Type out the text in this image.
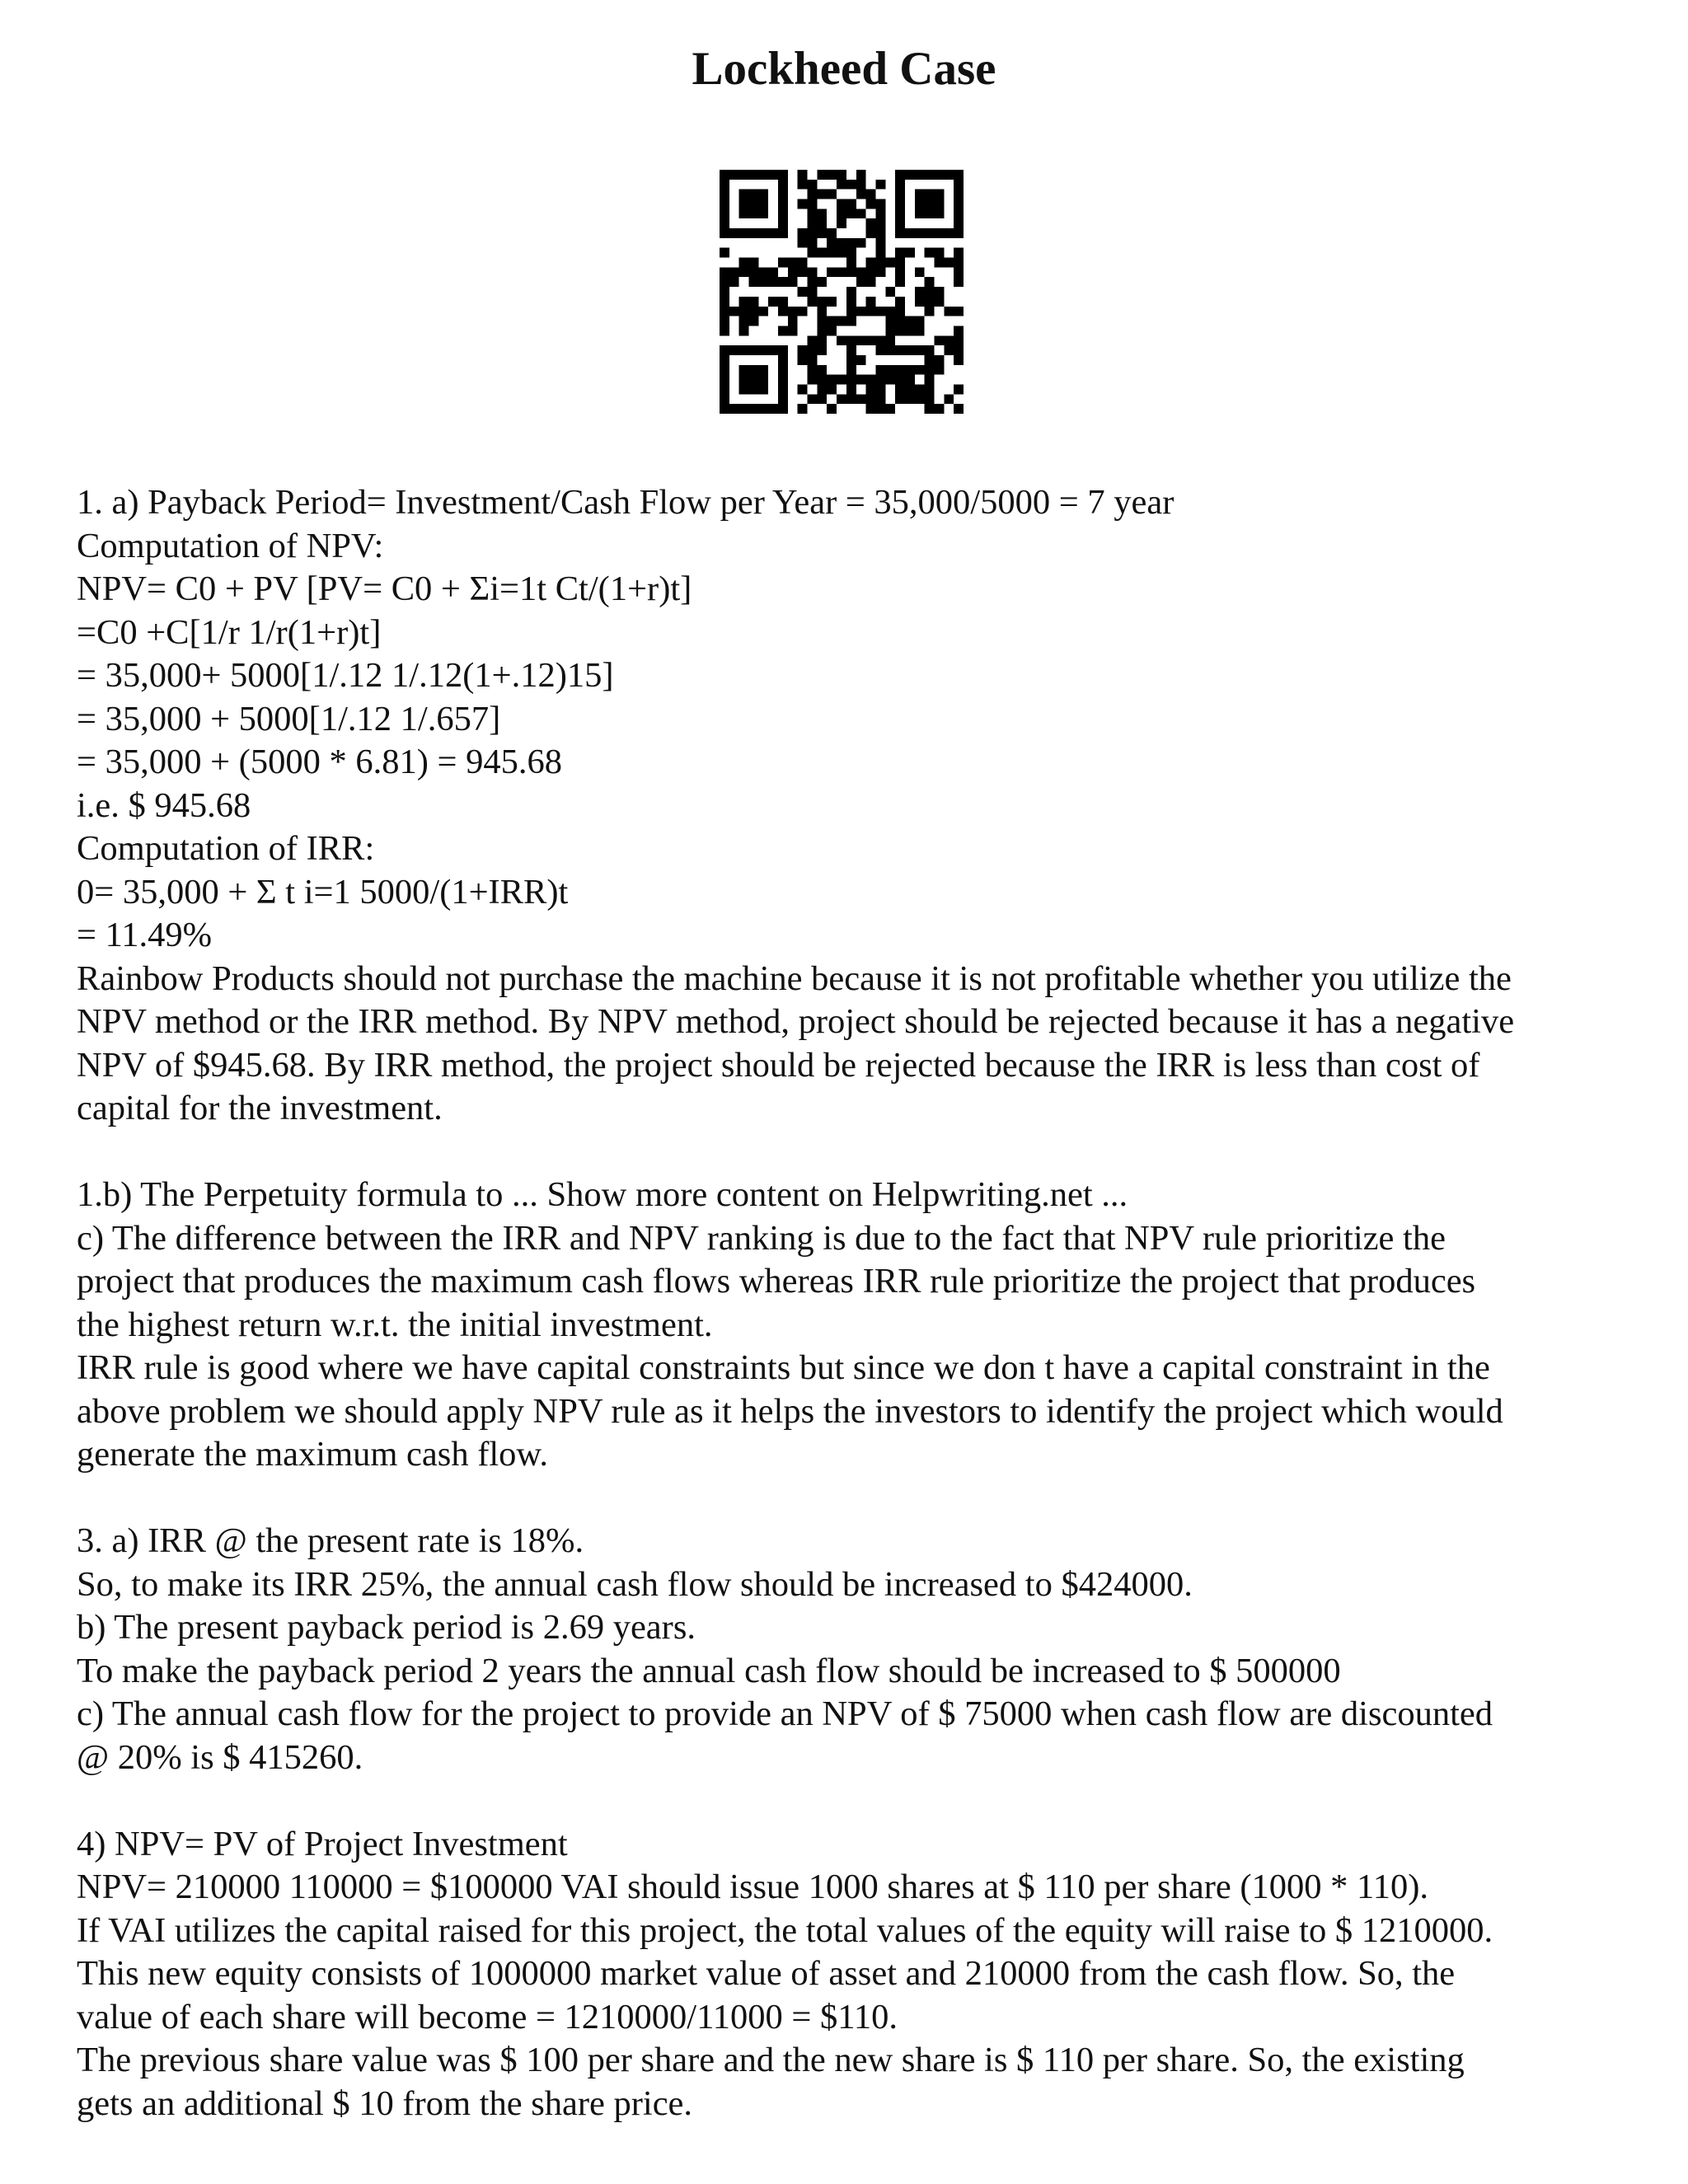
Lockheed Case
1. a) Payback Period= Investment/Cash Flow per Year = 35,000/5000 = 7 year
Computation of NPV:
NPV= C0 + PV [PV= C0 + Σi=1t Ct/(1+r)t]
=C0 +C[1/r 1/r(1+r)t]
= 35,000+ 5000[1/.12 1/.12(1+.12)15]
= 35,000 + 5000[1/.12 1/.657]
= 35,000 + (5000 * 6.81) = 945.68
i.e. $ 945.68
Computation of IRR:
0= 35,000 + Σ t i=1 5000/(1+IRR)t
= 11.49%
Rainbow Products should not purchase the machine because it is not profitable whether you utilize the
NPV method or the IRR method. By NPV method, project should be rejected because it has a negative
NPV of $945.68. By IRR method, the project should be rejected because the IRR is less than cost of
capital for the investment.
1.b) The Perpetuity formula to ... Show more content on Helpwriting.net ...
c) The difference between the IRR and NPV ranking is due to the fact that NPV rule prioritize the
project that produces the maximum cash flows whereas IRR rule prioritize the project that produces
the highest return w.r.t. the initial investment.
IRR rule is good where we have capital constraints but since we don t have a capital constraint in the
above problem we should apply NPV rule as it helps the investors to identify the project which would
generate the maximum cash flow.
3. a) IRR @ the present rate is 18%.
So, to make its IRR 25%, the annual cash flow should be increased to $424000.
b) The present payback period is 2.69 years.
To make the payback period 2 years the annual cash flow should be increased to $ 500000
c) The annual cash flow for the project to provide an NPV of $ 75000 when cash flow are discounted
@ 20% is $ 415260.
4) NPV= PV of Project Investment
NPV= 210000 110000 = $100000 VAI should issue 1000 shares at $ 110 per share (1000 * 110).
If VAI utilizes the capital raised for this project, the total values of the equity will raise to $ 1210000.
This new equity consists of 1000000 market value of asset and 210000 from the cash flow. So, the
value of each share will become = 1210000/11000 = $110.
The previous share value was $ 100 per share and the new share is $ 110 per share. So, the existing
gets an additional $ 10 from the share price.
